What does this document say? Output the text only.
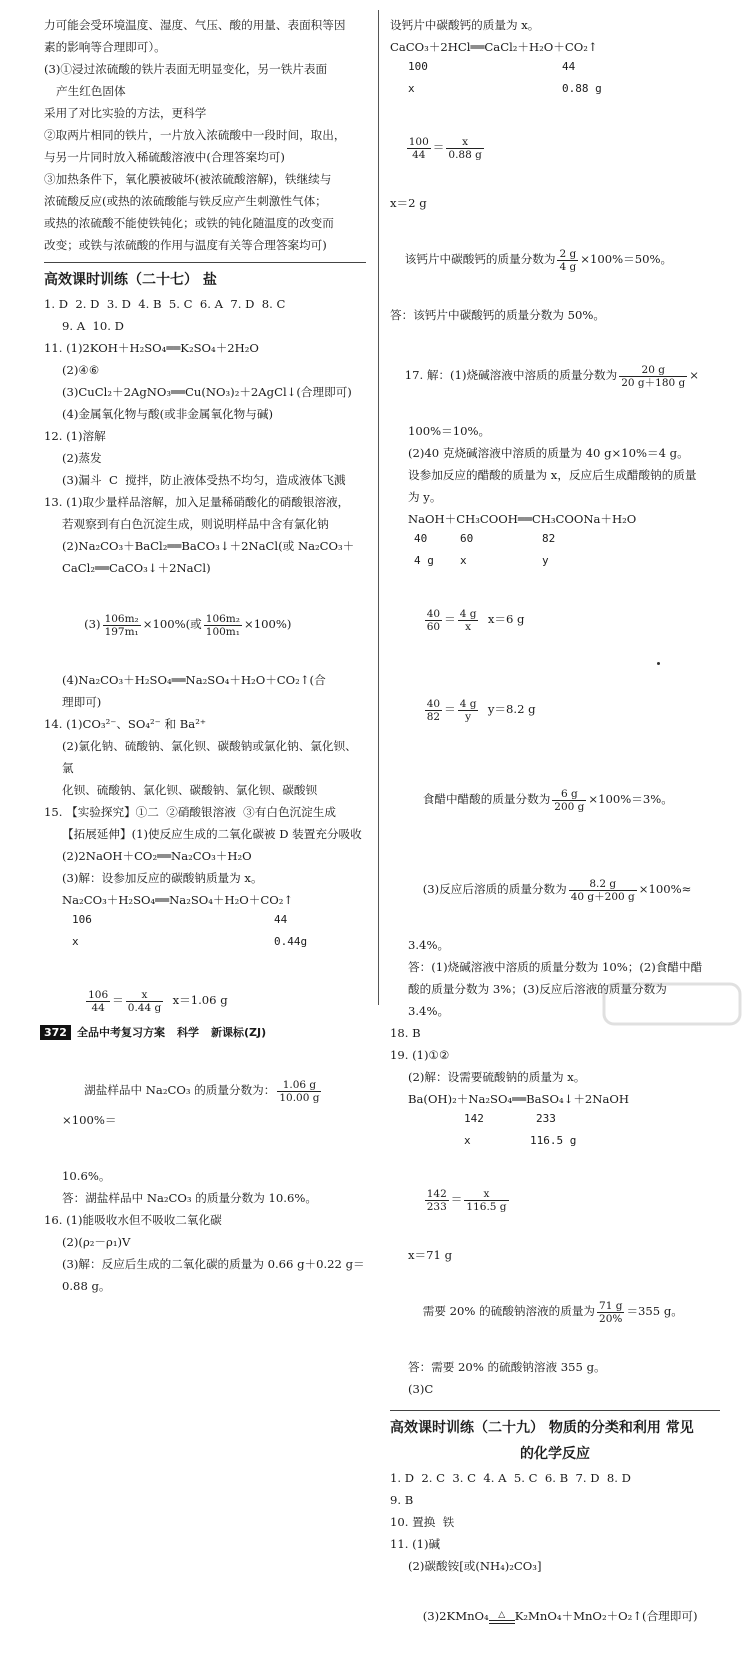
力可能会受环境温度、湿度、气压、酸的用量、表面积等因

素的影响等合理即可）。

(3)①浸过浓硫酸的铁片表面无明显变化，另一铁片表面

产生红色固体

采用了对比实验的方法，更科学

②取两片相同的铁片，一片放入浓硫酸中一段时间，取出，

与另一片同时放入稀硫酸溶液中(合理答案均可)

③加热条件下，氧化膜被破坏(被浓硫酸溶解)，铁继续与

浓硫酸反应(或热的浓硫酸能与铁反应产生刺激性气体；

或热的浓硫酸不能使铁钝化；或铁的钝化随温度的改变而

改变；或铁与浓硫酸的作用与温度有关等合理答案均可)

高效课时训练（二十七） 盐

1. D  2. D  3. D  4. B  5. C  6. A  7. D  8. C

9. A  10. D

11. (1)2KOH＋H₂SO₄══K₂SO₄＋2H₂O

(2)④⑥

(3)CuCl₂＋2AgNO₃══Cu(NO₃)₂＋2AgCl↓(合理即可)

(4)金属氧化物与酸(或非金属氧化物与碱)

12. (1)溶解

(2)蒸发

(3)漏斗  C  搅拌，防止液体受热不均匀，造成液体飞溅

13. (1)取少量样品溶解，加入足量稀硝酸化的硝酸银溶液，

若观察到有白色沉淀生成，则说明样品中含有氯化钠

(2)Na₂CO₃＋BaCl₂══BaCO₃↓＋2NaCl(或 Na₂CO₃＋

CaCl₂══CaCO₃↓＋2NaCl)

$(3) \frac{\text{106m₂}}{\text{197m₁}} \times 100\%$(或 $\frac{\text{106m₂}}{\text{100m₁}} \times 100\%$)

(4)Na₂CO₃＋H₂SO₄══Na₂SO₄＋H₂O＋CO₂↑(合

理即可)

14. (1)CO₃²⁻、SO₄²⁻ 和 Ba²⁺

(2)氯化钠、硫酸钠、氯化钡、碳酸钠或氯化钠、氯化钡、氯

化钡、硫酸钠、氯化钡、碳酸钠、氯化钡、碳酸钡

15. 【实验探究】①二  ②硝酸银溶液  ③有白色沉淀生成

【拓展延伸】(1)使反应生成的二氧化碳被 D 装置充分吸收

(2)2NaOH＋CO₂══Na₂CO₃＋H₂O

(3)解：设参加反应的碳酸钠质量为 x。

Na₂CO₃＋H₂SO₄══Na₂SO₄＋H₂O＋CO₂↑

106	44
x	0.44g

$\frac{106}{44} = \frac{x}{0.44 g} x=1.06$ g

湖盐样品中 Na₂CO₃ 的质量分数为： $\frac{1.06 g}{10.00 g}$
×100%＝

10.6%。

答：湖盐样品中 Na₂CO₃ 的质量分数为 10.6%。

16. (1)能吸收水但不吸收二氧化碳

(2)(ρ₂－ρ₁)V

(3)解：反应后生成的二氧化碳的质量为 0.66 g＋0.22 g＝

0.88 g。

设钙片中碳酸钙的质量为 x。

CaCO₃＋2HCl══CaCl₂＋H₂O＋CO₂↑

100	44
x	0.88 g

$\frac{100}{44} = \frac{x}{0.88 g}$

x＝2 g

该钙片中碳酸钙的质量分数为 $\frac{2 g}{4 g} \times 100\%=50\%$。

答：该钙片中碳酸钙的质量分数为 50%。

17. 解：(1)烧碱溶液中溶质的质量分数为 $\frac{20 g}{20 g+180 g}$ ×

100%＝10%。

(2)40 克烧碱溶液中溶质的质量为 40 g×10%＝4 g。

设参加反应的醋酸的质量为 x，反应后生成醋酸钠的质量

为 y。

NaOH＋CH₃COOH══CH₃COONa＋H₂O

40	60	82
4 g x	y

$\frac{40}{60} = \frac{4 g}{x} x=6$ g

$\frac{40}{82} = \frac{4 g}{y} y=8.2$ g

食醋中醋酸的质量分数为 $\frac{6 g}{200 g} \times 100\%=3\%$。

(3)反应后溶质的质量分数为 $\frac{8.2 g}{40 g+200 g} \times 100\%\approx$

3.4%。

答：(1)烧碱溶液中溶质的质量分数为 10%；(2)食醋中醋

酸的质量分数为 3%；(3)反应后溶液的质量分数为

3.4%。

18. B

19. (1)①②

(2)解：设需要硫酸钠的质量为 x。

Ba(OH)₂＋Na₂SO₄══BaSO₄↓＋2NaOH

142	233
x	116.5 g

$\frac{142}{233} = \frac{x}{116.5 g}$

x＝71 g

需要 20% 的硫酸钠溶液的质量为 $\frac{71 g}{20\%} =355$ g。

答：需要 20% 的硫酸钠溶液 355 g。

(3)C

高效课时训练（二十九） 物质的分类和利用 常见

的化学反应

1. D  2. C  3. C  4. A  5. C  6. B  7. D  8. D

9. B

10. 置换  铁

11. (1)碱

(2)碳酸铵[或(NH₄)₂CO₃]

(3)2KMnO₄	△ K₂MnO₄＋MnO₂＋O₂↑(合理即可)

372 全品中考复习方案 科学 新课标(ZJ)
